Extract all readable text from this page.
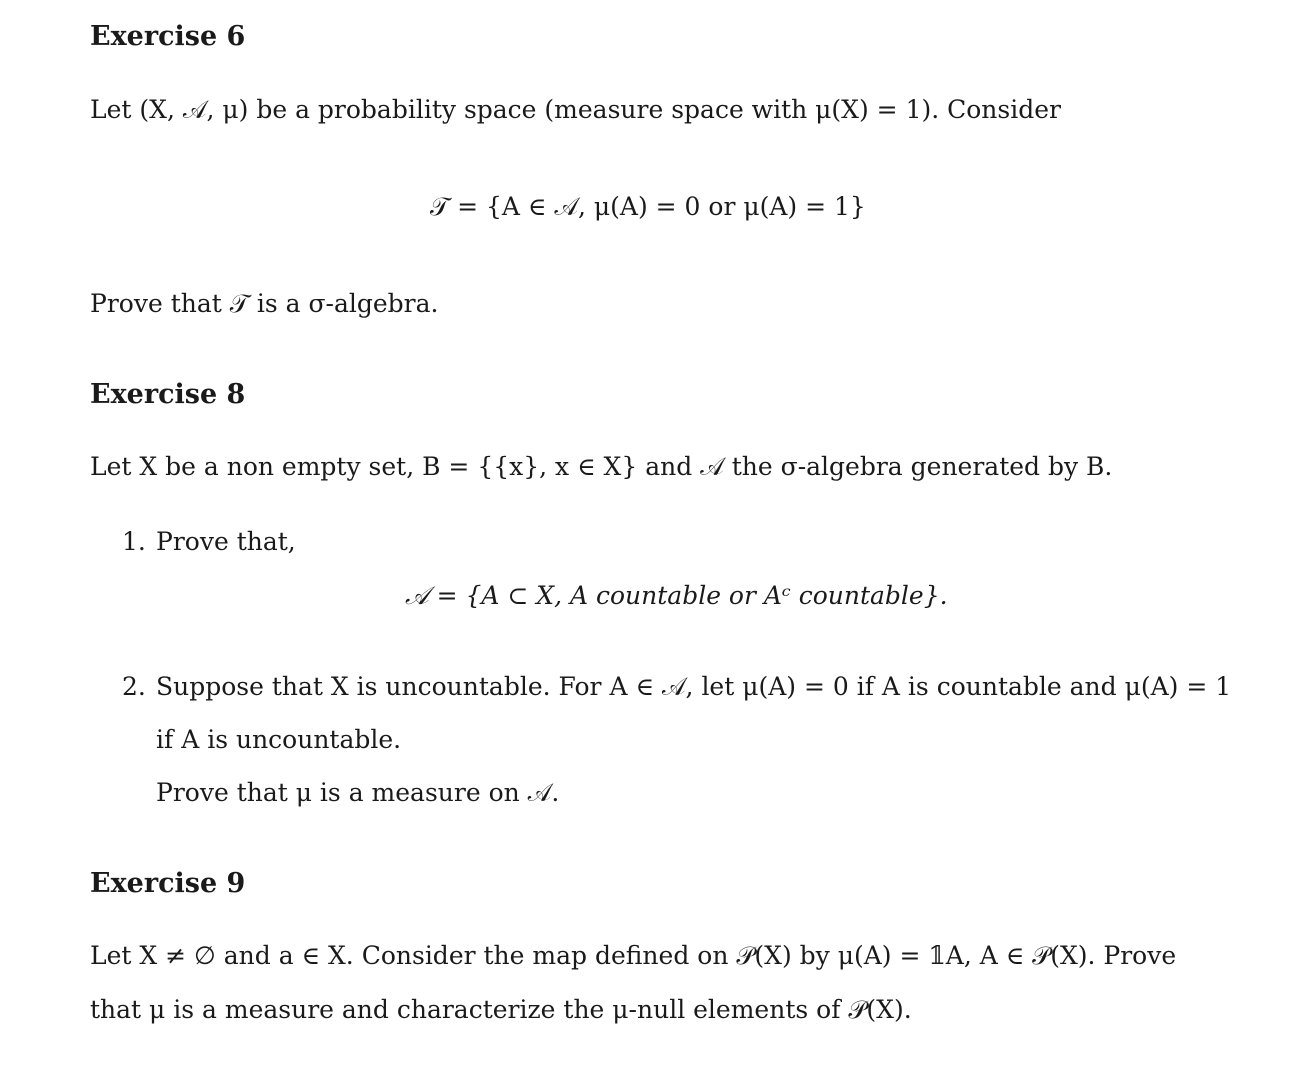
Exercise 6
Let (X, 𝒜, μ) be a probability space (measure space with μ(X) = 1). Consider
𝒯 = {A ∈ 𝒜, μ(A) = 0 or μ(A) = 1}
Prove that 𝒯 is a σ-algebra.
Exercise 8
Let X be a non empty set, B = {{x}, x ∈ X} and 𝒜 the σ-algebra generated by B.
1. Prove that,
𝒜 = {A ⊂ X, A countable or Aᶜ countable}.
2. Suppose that X is uncountable. For A ∈ 𝒜, let μ(A) = 0 if A is countable and μ(A) = 1
if A is uncountable.
Prove that μ is a measure on 𝒜.
Exercise 9
Let X ≠ ∅ and a ∈ X. Consider the map defined on 𝒫(X) by μ(A) = 𝟙A, A ∈ 𝒫(X). Prove
that μ is a measure and characterize the μ-null elements of 𝒫(X).
